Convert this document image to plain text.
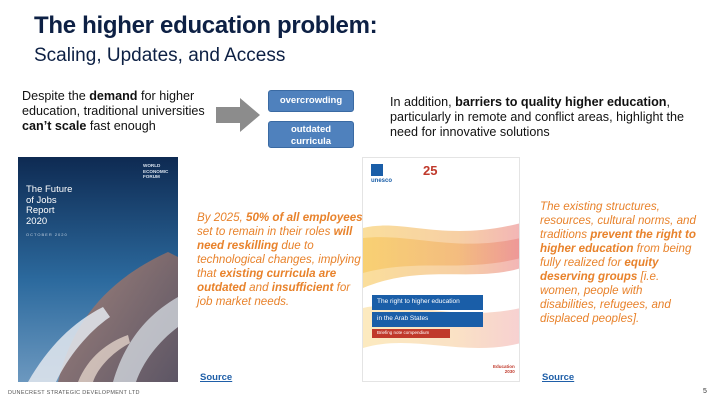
The higher education problem:
Scaling, Updates, and Access
Despite the demand for higher education, traditional universities can’t scale fast enough
overcrowding
outdated
curricula
In addition, barriers to quality higher education, particularly in remote and conflict areas, highlight the need for innovative solutions
WORLD
ECONOMIC
FORUM
The Future
of Jobs
Report
2020
OCTOBER 2020
unesco
25
The right to higher education
in the Arab States
Briefing note compendium
Education
2030
By 2025, 50% of all employees set to remain in their roles will need reskilling due to technological changes, implying that existing curricula are outdated and insufficient for job market needs.
The existing structures, resources, cultural norms, and traditions prevent the right to higher education from being fully realized for equity deserving groups [i.e. women, people with disabilities, refugees, and displaced peoples].
Source	Source
DUNECREST STRATEGIC DEVELOPMENT LTD	5
